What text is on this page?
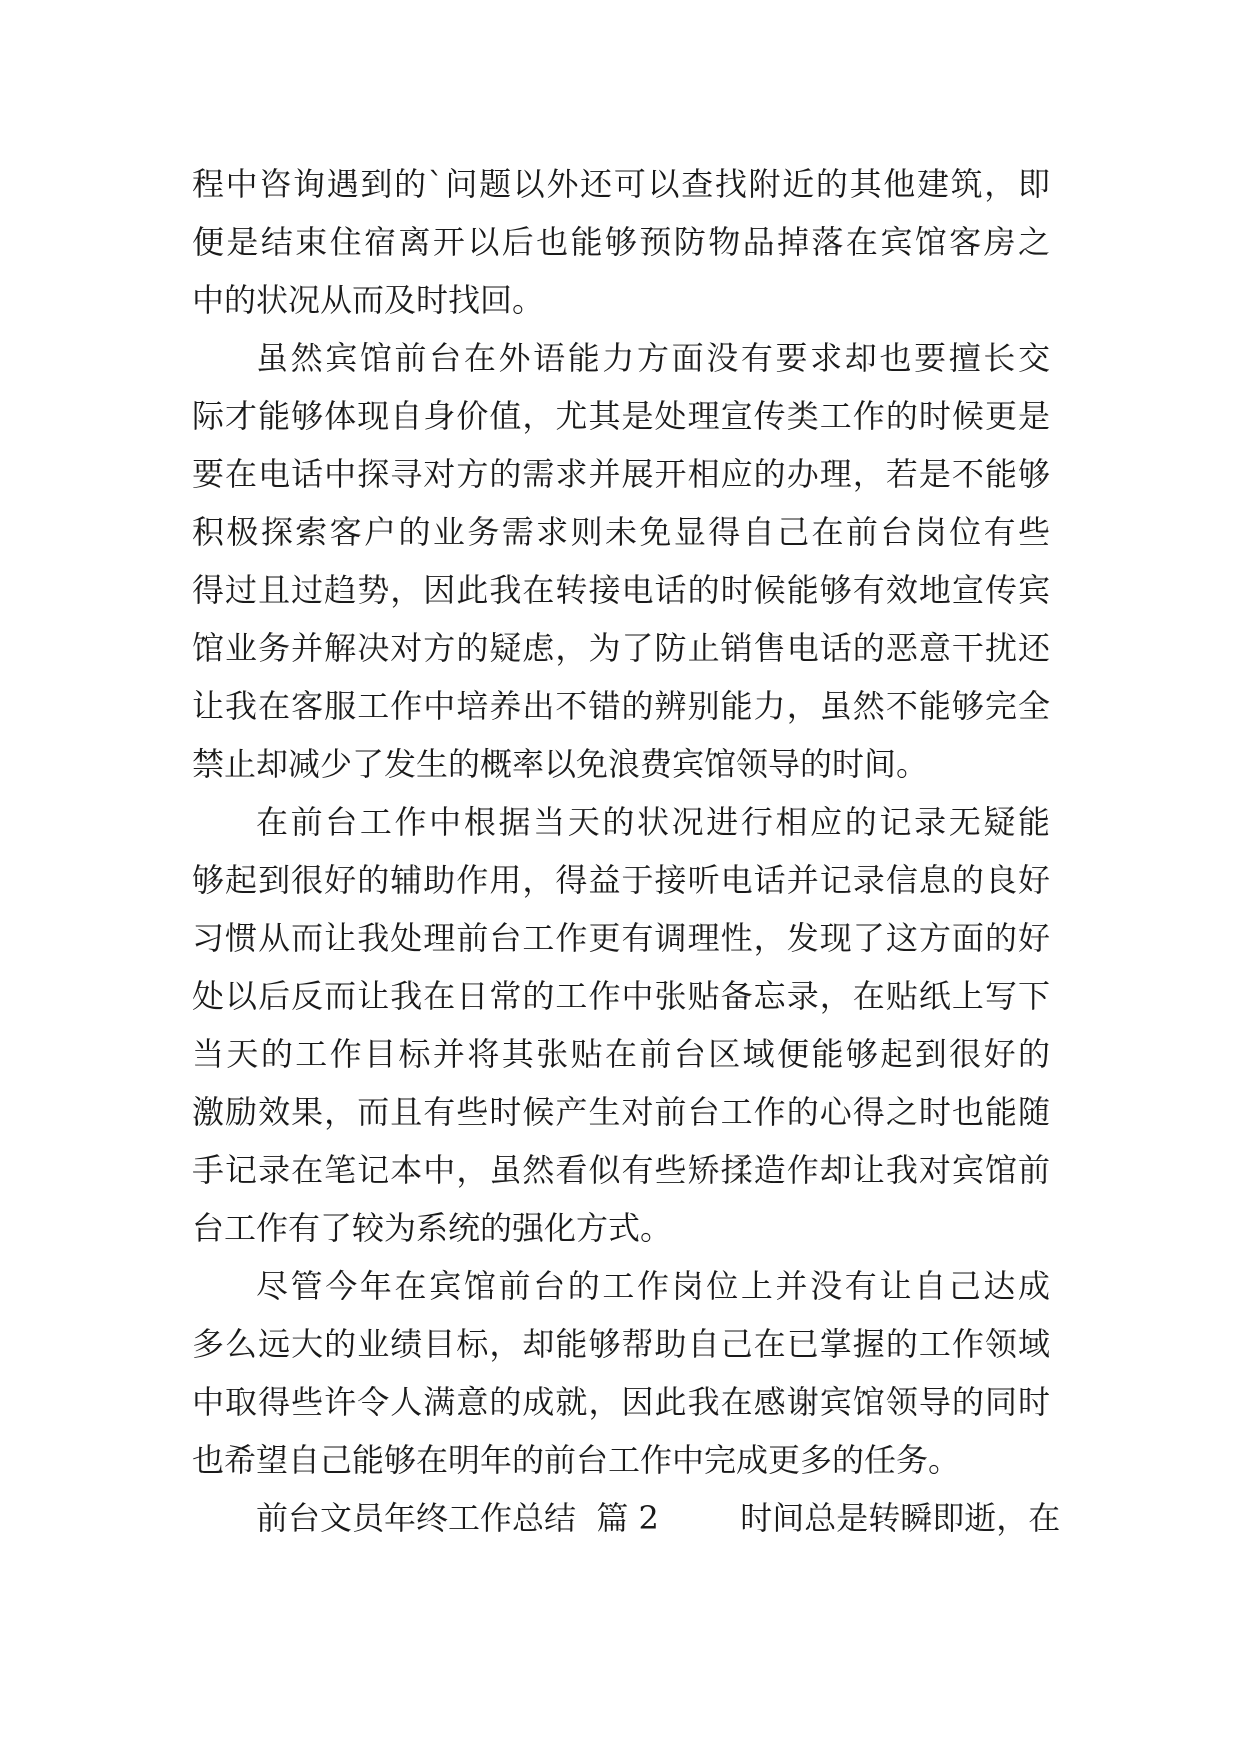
程中咨询遇到的`问题以外还可以查找附近的其他建筑，即
便是结束住宿离开以后也能够预防物品掉落在宾馆客房之
中的状况从而及时找回。
虽然宾馆前台在外语能力方面没有要求却也要擅长交
际才能够体现自身价值，尤其是处理宣传类工作的时候更是
要在电话中探寻对方的需求并展开相应的办理，若是不能够
积极探索客户的业务需求则未免显得自己在前台岗位有些
得过且过趋势，因此我在转接电话的时候能够有效地宣传宾
馆业务并解决对方的疑虑，为了防止销售电话的恶意干扰还
让我在客服工作中培养出不错的辨别能力，虽然不能够完全
禁止却减少了发生的概率以免浪费宾馆领导的时间。
在前台工作中根据当天的状况进行相应的记录无疑能
够起到很好的辅助作用，得益于接听电话并记录信息的良好
习惯从而让我处理前台工作更有调理性，发现了这方面的好
处以后反而让我在日常的工作中张贴备忘录，在贴纸上写下
当天的工作目标并将其张贴在前台区域便能够起到很好的
激励效果，而且有些时候产生对前台工作的心得之时也能随
手记录在笔记本中，虽然看似有些矫揉造作却让我对宾馆前
台工作有了较为系统的强化方式。
尽管今年在宾馆前台的工作岗位上并没有让自己达成
多么远大的业绩目标，却能够帮助自己在已掌握的工作领域
中取得些许令人满意的成就，因此我在感谢宾馆领导的同时
也希望自己能够在明年的前台工作中完成更多的任务。
前台文员年终工作总结  篇 2        时间总是转瞬即逝，在
